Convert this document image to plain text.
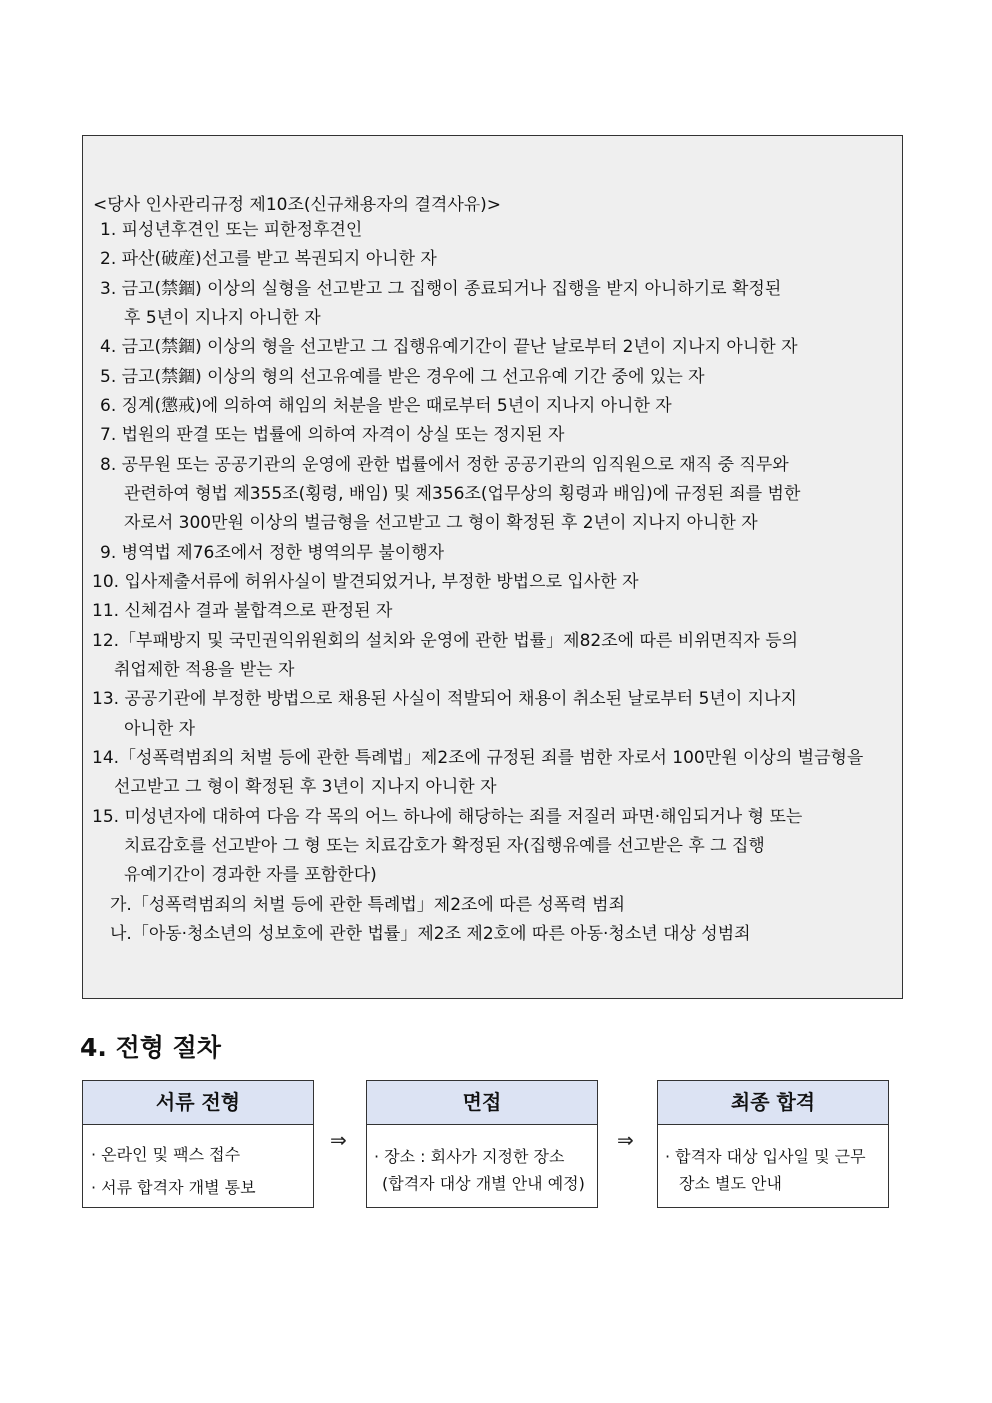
<당사 인사관리규정 제10조(신규채용자의 결격사유)>
1. 피성년후견인 또는 피한정후견인
2. 파산(破産)선고를 받고 복권되지 아니한 자
3. 금고(禁錮) 이상의 실형을 선고받고 그 집행이 종료되거나 집행을 받지 아니하기로 확정된
후 5년이 지나지 아니한 자
4. 금고(禁錮) 이상의 형을 선고받고 그 집행유예기간이 끝난 날로부터 2년이 지나지 아니한 자
5. 금고(禁錮) 이상의 형의 선고유예를 받은 경우에 그 선고유예 기간 중에 있는 자
6. 징계(懲戒)에 의하여 해임의 처분을 받은 때로부터 5년이 지나지 아니한 자
7. 법원의 판결 또는 법률에 의하여 자격이 상실 또는 정지된 자
8. 공무원 또는 공공기관의 운영에 관한 법률에서 정한 공공기관의 임직원으로 재직 중 직무와
관련하여 형법 제355조(횡령, 배임) 및 제356조(업무상의 횡령과 배임)에 규정된 죄를 범한
자로서 300만원 이상의 벌금형을 선고받고 그 형이 확정된 후 2년이 지나지 아니한 자
9. 병역법 제76조에서 정한 병역의무 불이행자
10. 입사제출서류에 허위사실이 발견되었거나, 부정한 방법으로 입사한 자
11. 신체검사 결과 불합격으로 판정된 자
12.「부패방지 및 국민권익위원회의 설치와 운영에 관한 법률」제82조에 따른 비위면직자 등의
취업제한 적용을 받는 자
13. 공공기관에 부정한 방법으로 채용된 사실이 적발되어 채용이 취소된 날로부터 5년이 지나지
아니한 자
14.「성폭력범죄의 처벌 등에 관한 특례법」제2조에 규정된 죄를 범한 자로서 100만원 이상의 벌금형을
선고받고 그 형이 확정된 후 3년이 지나지 아니한 자
15. 미성년자에 대하여 다음 각 목의 어느 하나에 해당하는 죄를 저질러 파면·해임되거나 형 또는
치료감호를 선고받아 그 형 또는 치료감호가 확정된 자(집행유예를 선고받은 후 그 집행
유예기간이 경과한 자를 포함한다)
가.「성폭력범죄의 처벌 등에 관한 특례법」제2조에 따른 성폭력 범죄
나.「아동·청소년의 성보호에 관한 법률」제2조 제2호에 따른 아동·청소년 대상 성범죄
4. 전형 절차
서류 전형
· 온라인 및 팩스 접수
· 서류 합격자 개별 통보
⇒
면접
· 장소 : 회사가 지정한 장소
(합격자 대상 개별 안내 예정)
⇒
최종 합격
· 합격자 대상 입사일 및 근무
장소 별도 안내
